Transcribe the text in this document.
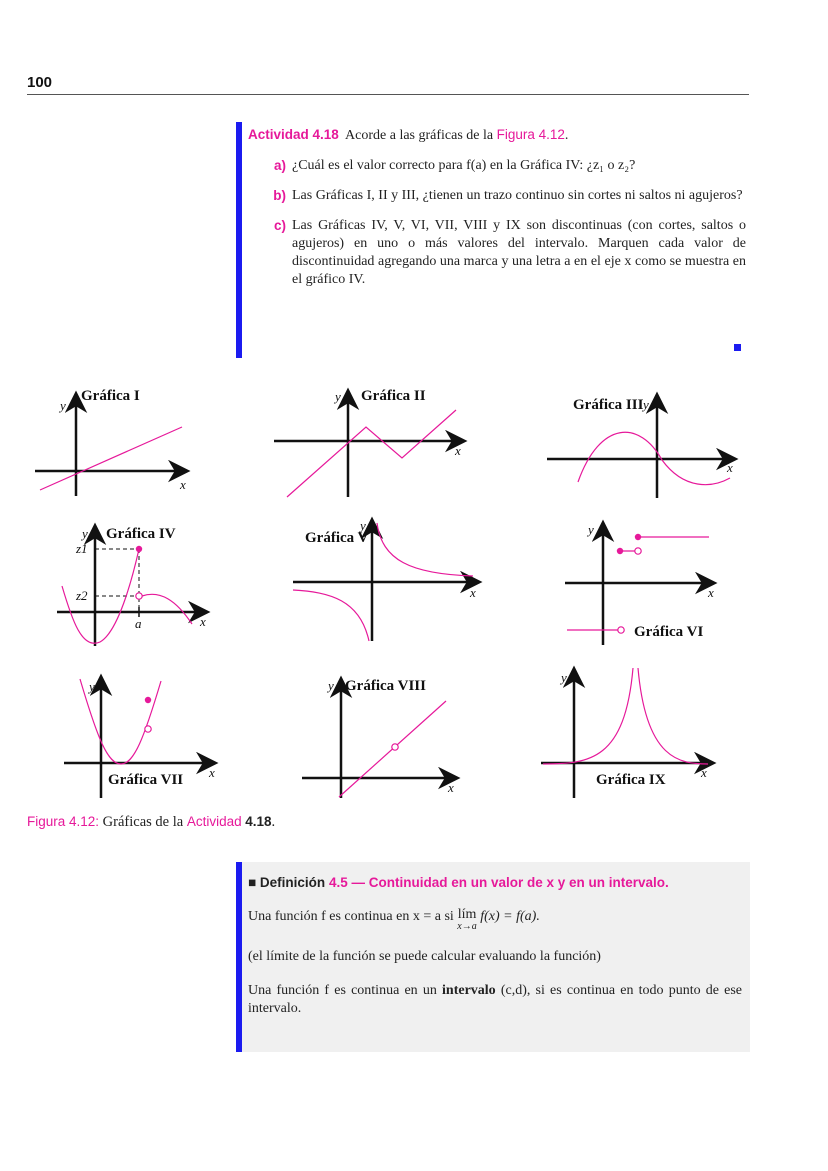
100

Actividad 4.18 Acorde a las gráficas de la Figura 4.12.

a) ¿Cuál es el valor correcto para f(a) en la Gráfica IV: ¿z₁ o z₂?
b) Las Gráficas I, II y III, ¿tienen un trazo continuo sin cortes ni saltos ni agujeros?
c) Las Gráficas IV, V, VI, VII, VIII y IX son discontinuas (con cortes, saltos o agujeros) en uno o más valores del intervalo. Marquen cada valor de discontinuidad agregando una marca y una letra a en el eje x como se muestra en el gráfico IV.
Gráfica I
y
x
Gráfica II
y
x
Gráfica III y
x
Gráfica IV
y
z1
z2
a	x
Gráfica V
y
x
Gráfica VI
y
x
Gráfica VII
y
x
Gráfica VIII
y
x	Gráfica IX
y
x
Figura 4.12: Gráficas de la Actividad 4.18.

■ Definición 4.5 — Continuidad en un valor de x y en un intervalo.

Una función f es continua en x = a si lím
x→a
f(x) = f(a).

(el límite de la función se puede calcular evaluando la función)

Una función f es continua en un intervalo (c,d), si es continua en todo punto de ese intervalo.
